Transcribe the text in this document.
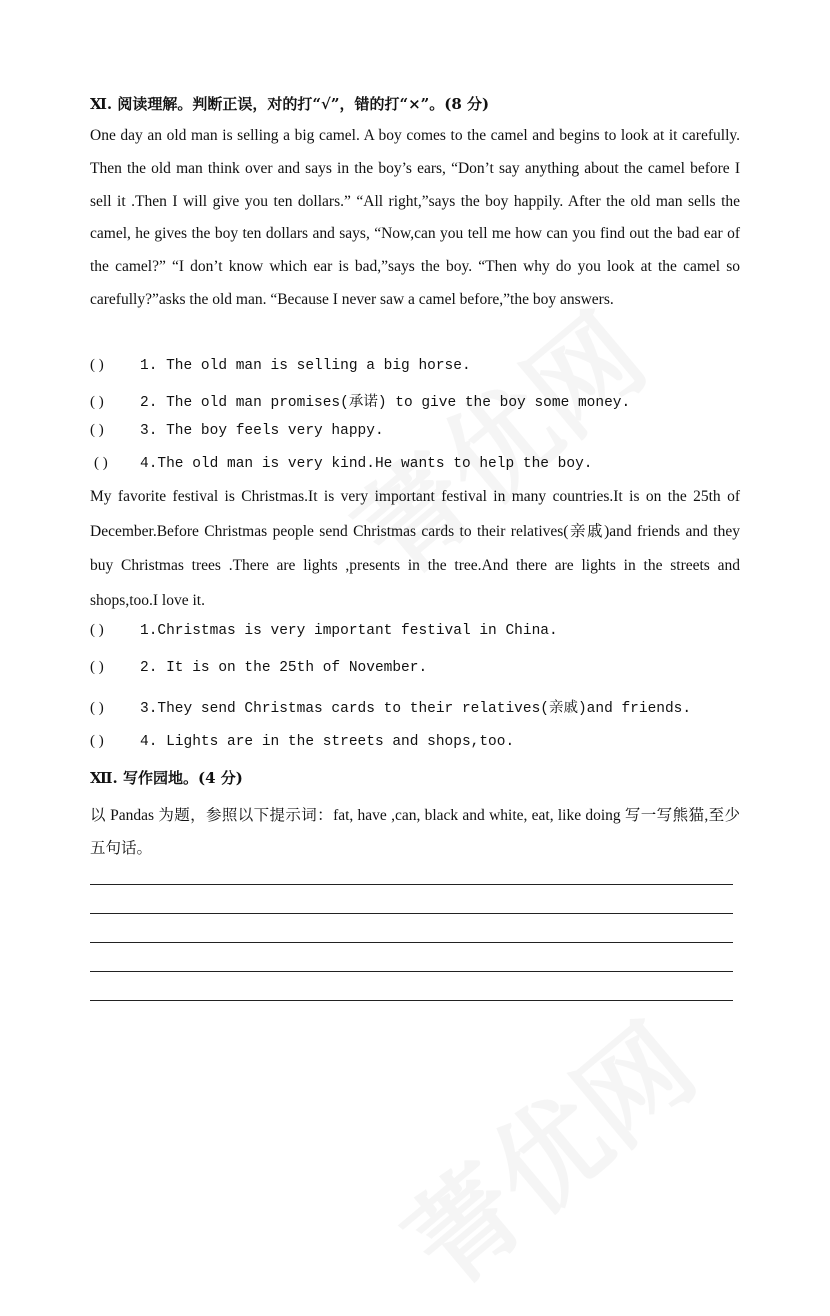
Ⅺ. 阅读理解。判断正误，对的打“√”，错的打“×”。(8 分)
One day an old man is selling a big camel. A boy comes to the camel and begins to look at it carefully. Then the old man think over and says in the boy’s ears, “Don’t say anything about the camel before I sell it .Then I will give you ten dollars.” “All right,”says the boy happily. After the old man sells the camel, he gives the boy ten dollars and says, “Now,can you tell me how can you find out the bad ear of the camel?” “I don’t know which ear is bad,”says the boy. “Then why do you look at the camel so carefully?”asks the old man. “Because I never saw a camel before,”the boy answers.
( )	1. The old man is selling a big horse.
( )	2. The old man promises(承诺) to give the boy some money.
( )	3. The boy feels very happy.
( ) 4.The old man is very kind.He wants to help the boy.
My favorite festival is Christmas.It is very important festival in many countries.It is on the 25th of December.Before Christmas people send Christmas cards to their relatives(亲戚)and friends and they buy Christmas trees .There are lights ,presents in the tree.And there are lights in the streets and shops,too.I love it.
( )	1.Christmas is very important festival in China.
( )	2. It is on the 25th of November.
( )	3.They send Christmas cards to their relatives(亲戚)and friends.
( )	4. Lights are in the streets and shops,too.
Ⅻ. 写作园地。(4 分)
以 Pandas 为题，参照以下提示词：fat, have ,can, black and white, eat, like doing 写一写熊猫,至少五句话。
